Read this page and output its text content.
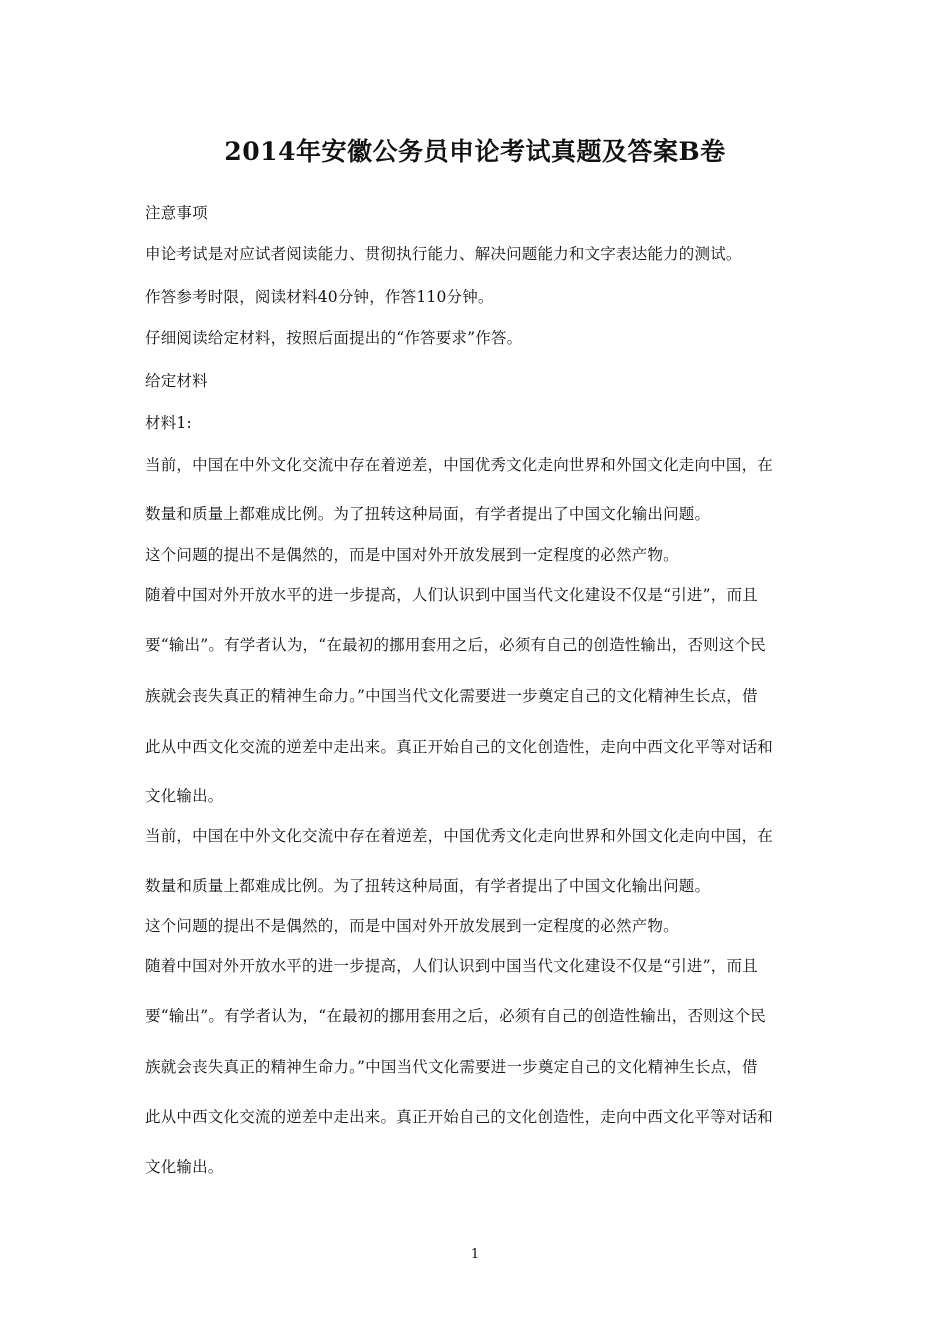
2014年安徽公务员申论考试真题及答案B卷
注意事项
申论考试是对应试者阅读能力、贯彻执行能力、解决问题能力和文字表达能力的测试。
作答参考时限，阅读材料40分钟，作答110分钟。
仔细阅读给定材料，按照后面提出的“作答要求”作答。
给定材料
材料1:
当前，中国在中外文化交流中存在着逆差，中国优秀文化走向世界和外国文化走向中国，在
数量和质量上都难成比例。为了扭转这种局面，有学者提出了中国文化输出问题。
这个问题的提出不是偶然的，而是中国对外开放发展到一定程度的必然产物。
随着中国对外开放水平的进一步提高，人们认识到中国当代文化建设不仅是“引进”，而且
要“输出”。有学者认为，“在最初的挪用套用之后，必须有自己的创造性输出，否则这个民
族就会丧失真正的精神生命力。”中国当代文化需要进一步奠定自己的文化精神生长点，借
此从中西文化交流的逆差中走出来。真正开始自己的文化创造性，走向中西文化平等对话和
文化输出。
当前，中国在中外文化交流中存在着逆差，中国优秀文化走向世界和外国文化走向中国，在
数量和质量上都难成比例。为了扭转这种局面，有学者提出了中国文化输出问题。
这个问题的提出不是偶然的，而是中国对外开放发展到一定程度的必然产物。
随着中国对外开放水平的进一步提高，人们认识到中国当代文化建设不仅是“引进”，而且
要“输出”。有学者认为，“在最初的挪用套用之后，必须有自己的创造性输出，否则这个民
族就会丧失真正的精神生命力。”中国当代文化需要进一步奠定自己的文化精神生长点，借
此从中西文化交流的逆差中走出来。真正开始自己的文化创造性，走向中西文化平等对话和
文化输出。
1
